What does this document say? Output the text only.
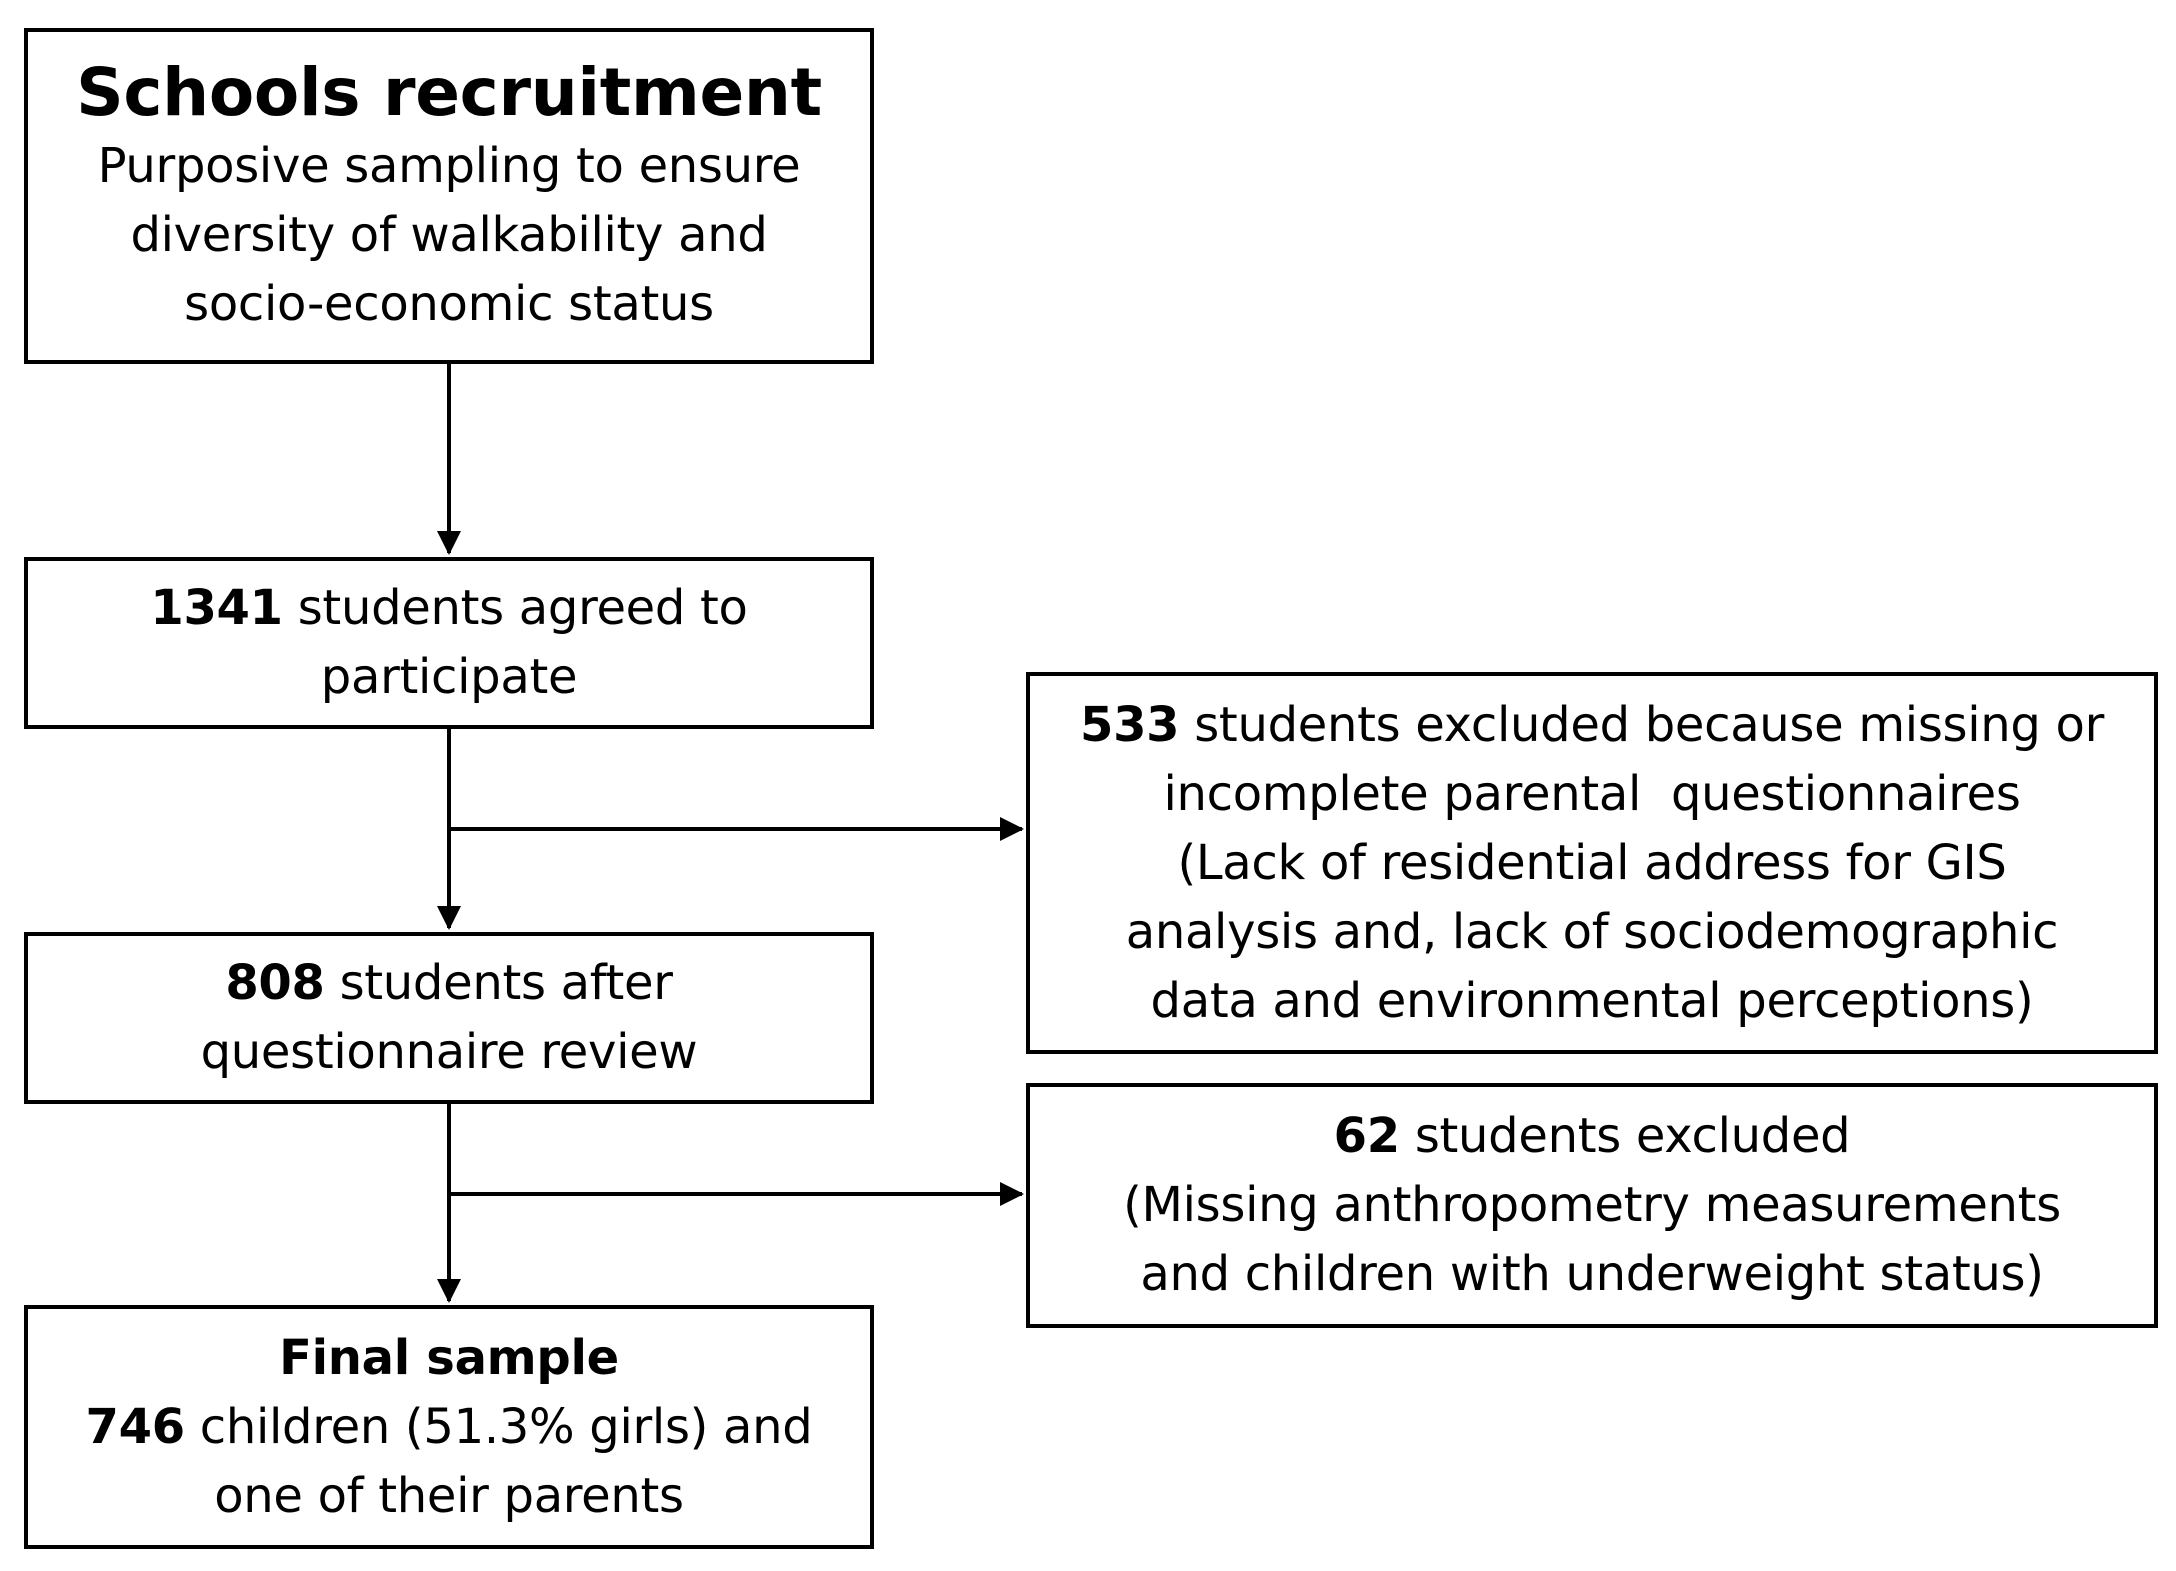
Schools recruitment
Purposive sampling to ensure
diversity of walkability and
socio-economic status
1341 students agreed to
participate
808 students after
questionnaire review
Final sample
746 children (51.3% girls) and
one of their parents
533 students excluded because missing or
incomplete parental  questionnaires
(Lack of residential address for GIS
analysis and, lack of sociodemographic
data and environmental perceptions)
62 students excluded
(Missing anthropometry measurements
and children with underweight status)
